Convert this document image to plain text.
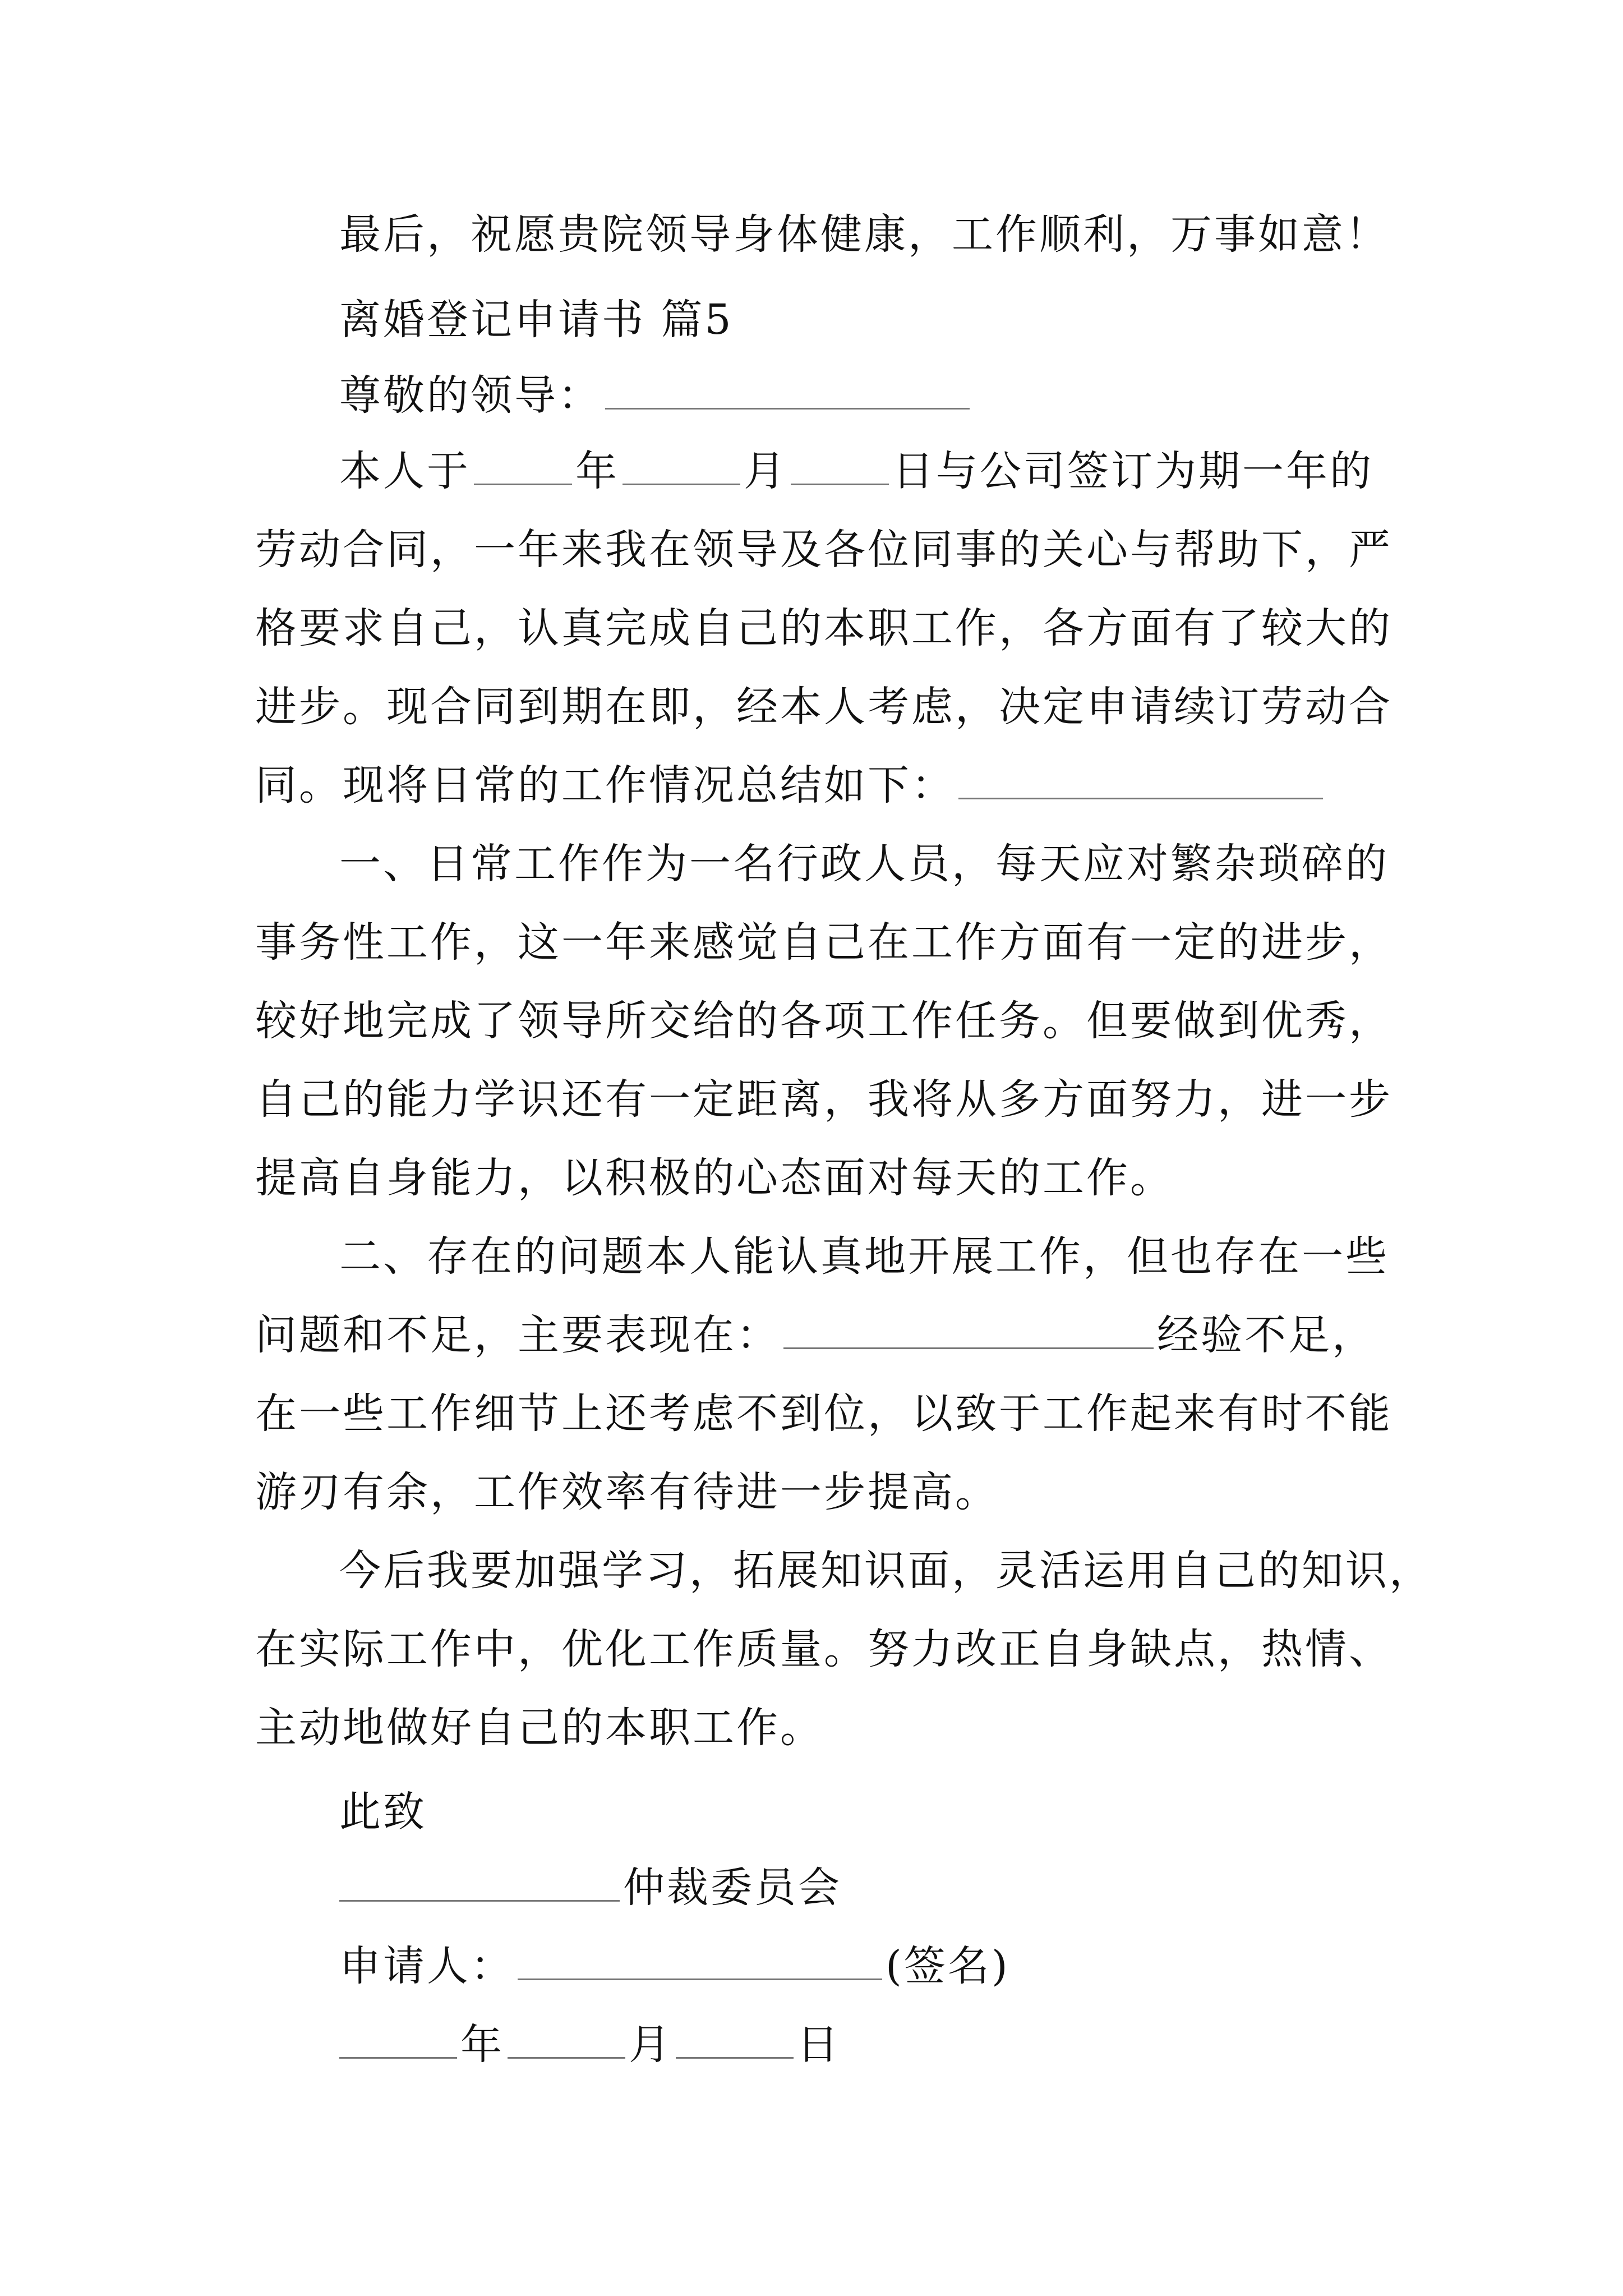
最后，祝愿贵院领导身体健康，工作顺利，万事如意！
离婚登记申请书 篇5
尊敬的领导：
本人于	年	月	日与公司签订为期一年的
劳动合同，一年来我在领导及各位同事的关心与帮助下，严
格要求自己，认真完成自己的本职工作，各方面有了较大的
进步。现合同到期在即，经本人考虑，决定申请续订劳动合
同。现将日常的工作情况总结如下：
一、日常工作作为一名行政人员，每天应对繁杂琐碎的
事务性工作，这一年来感觉自己在工作方面有一定的进步，
较好地完成了领导所交给的各项工作任务。但要做到优秀，
自己的能力学识还有一定距离，我将从多方面努力，进一步
提高自身能力，以积极的心态面对每天的工作。
二、存在的问题本人能认真地开展工作，但也存在一些
问题和不足，主要表现在：	经验不足，
在一些工作细节上还考虑不到位，以致于工作起来有时不能
游刃有余，工作效率有待进一步提高。
今后我要加强学习，拓展知识面，灵活运用自己的知识，
在实际工作中，优化工作质量。努力改正自身缺点，热情、
主动地做好自己的本职工作。
此致
仲裁委员会
申请人：	(签名)
年	月	日
